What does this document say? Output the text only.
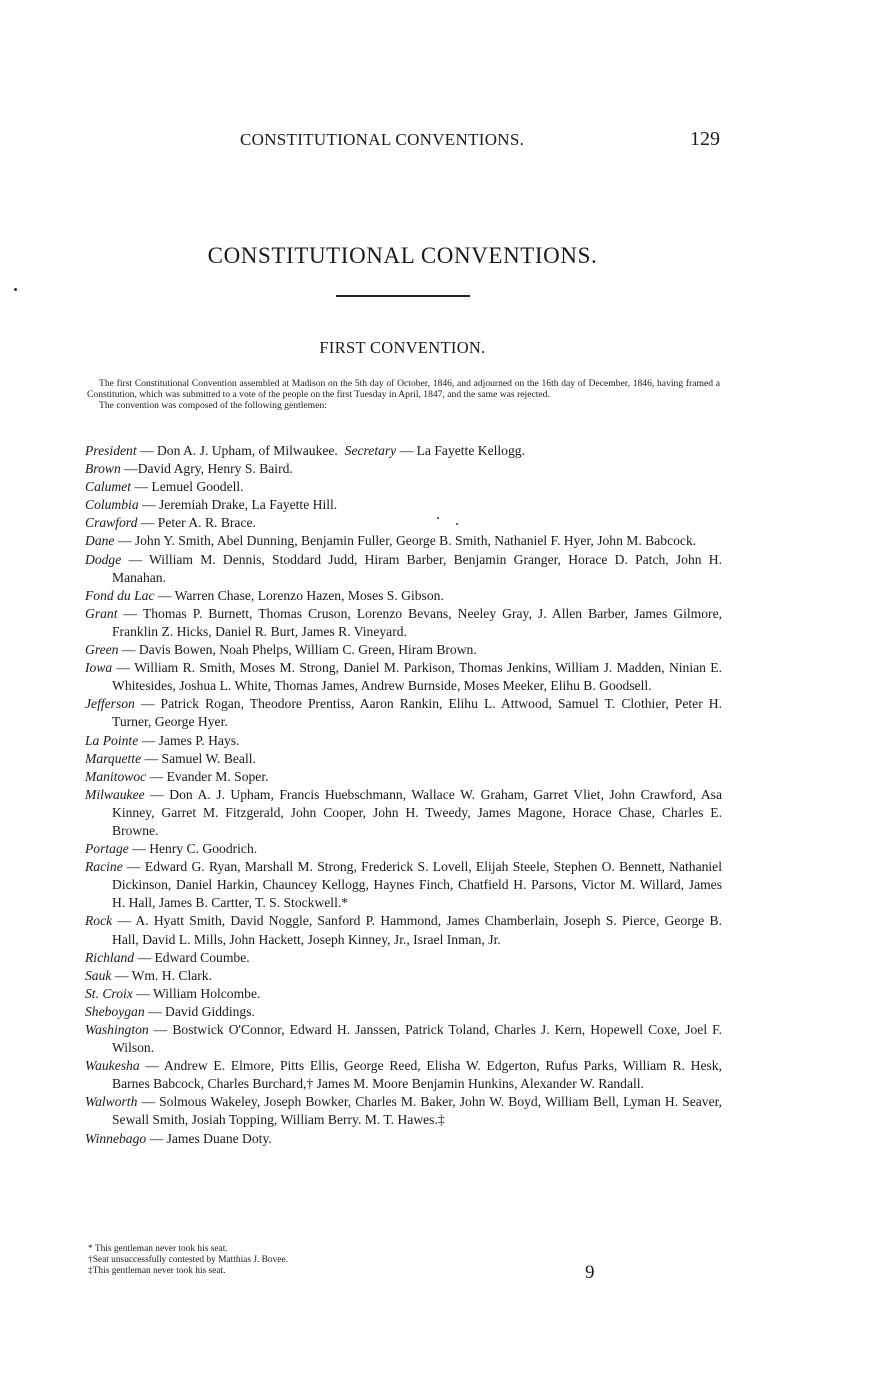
CONSTITUTIONAL CONVENTIONS.	129
CONSTITUTIONAL CONVENTIONS.
FIRST CONVENTION.
The first Constitutional Convention assembled at Madison on the 5th day of October, 1846, and adjourned on the 16th day of December, 1846, having framed a Constitution, which was submitted to a vote of the people on the first Tuesday in April, 1847, and the same was rejected.
The convention was composed of the following gentlemen:
President — Don A. J. Upham, of Milwaukee. Secretary — La Fayette Kellogg.
Brown —David Agry, Henry S. Baird.
Calumet — Lemuel Goodell.
Columbia — Jeremiah Drake, La Fayette Hill.
Crawford — Peter A. R. Brace.
Dane — John Y. Smith, Abel Dunning, Benjamin Fuller, George B. Smith, Nathaniel F. Hyer, John M. Babcock.
Dodge — William M. Dennis, Stoddard Judd, Hiram Barber, Benjamin Granger, Horace D. Patch, John H. Manahan.
Fond du Lac — Warren Chase, Lorenzo Hazen, Moses S. Gibson.
Grant — Thomas P. Burnett, Thomas Cruson, Lorenzo Bevans, Neeley Gray, J. Allen Barber, James Gilmore, Franklin Z. Hicks, Daniel R. Burt, James R. Vineyard.
Green — Davis Bowen, Noah Phelps, William C. Green, Hiram Brown.
Iowa — William R. Smith, Moses M. Strong, Daniel M. Parkison, Thomas Jenkins, William J. Madden, Ninian E. Whitesides, Joshua L. White, Thomas James, Andrew Burnside, Moses Meeker, Elihu B. Goodsell.
Jefferson — Patrick Rogan, Theodore Prentiss, Aaron Rankin, Elihu L. Attwood, Samuel T. Clothier, Peter H. Turner, George Hyer.
La Pointe — James P. Hays.
Marquette — Samuel W. Beall.
Manitowoc — Evander M. Soper.
Milwaukee — Don A. J. Upham, Francis Huebschmann, Wallace W. Graham, Garret Vliet, John Crawford, Asa Kinney, Garret M. Fitzgerald, John Cooper, John H. Tweedy, James Magone, Horace Chase, Charles E. Browne.
Portage — Henry C. Goodrich.
Racine — Edward G. Ryan, Marshall M. Strong, Frederick S. Lovell, Elijah Steele, Stephen O. Bennett, Nathaniel Dickinson, Daniel Harkin, Chauncey Kellogg, Haynes Finch, Chatfield H. Parsons, Victor M. Willard, James H. Hall, James B. Cartter, T. S. Stockwell.*
Rock — A. Hyatt Smith, David Noggle, Sanford P. Hammond, James Chamberlain, Joseph S. Pierce, George B. Hall, David L. Mills, John Hackett, Joseph Kinney, Jr., Israel Inman, Jr.
Richland — Edward Coumbe.
Sauk — Wm. H. Clark.
St. Croix — William Holcombe.
Sheboygan — David Giddings.
Washington — Bostwick O'Connor, Edward H. Janssen, Patrick Toland, Charles J. Kern, Hopewell Coxe, Joel F. Wilson.
Waukesha — Andrew E. Elmore, Pitts Ellis, George Reed, Elisha W. Edgerton, Rufus Parks, William R. Hesk, Barnes Babcock, Charles Burchard,† James M. Moore Benjamin Hunkins, Alexander W. Randall.
Walworth — Solmous Wakeley, Joseph Bowker, Charles M. Baker, John W. Boyd, William Bell, Lyman H. Seaver, Sewall Smith, Josiah Topping, William Berry. M. T. Hawes.‡
Winnebago — James Duane Doty.
* This gentleman never took his seat.
†Seat unsuccessfully contested by Matthias J. Bovee.
‡This gentleman never took his seat.	9
